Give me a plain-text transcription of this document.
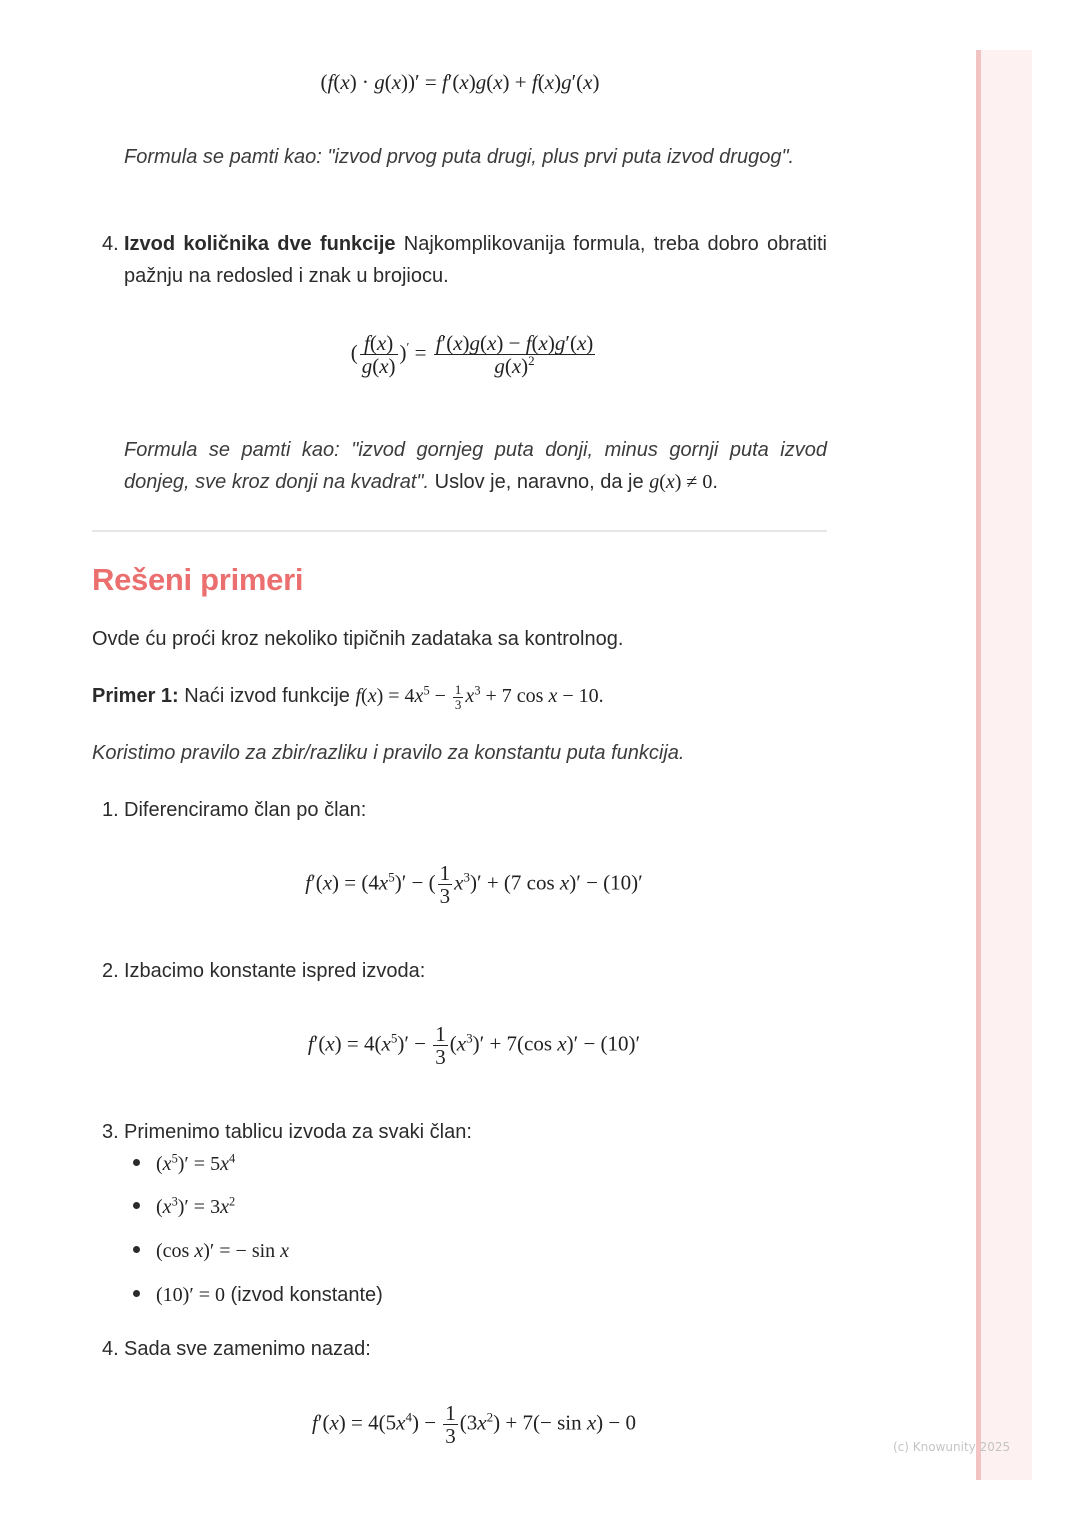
(f(x) · g(x))′ = f′(x)g(x) + f(x)g′(x)
Formula se pamti kao: "izvod prvog puta drugi, plus prvi puta izvod drugog".
4. Izvod količnika dve funkcije Najkomplikovanija formula, treba dobro obratiti pažnju na redosled i znak u brojiocu.
( $\frac{f(x)}{g(x)} )' = \frac{f'(x)g(x) - f(x)g'(x)}{g(x)^2}$
Formula se pamti kao: "izvod gornjeg puta donji, minus gornji puta izvod
donjeg, sve kroz donji na kvadrat". Uslov je, naravno, da je g(x) ≠ 0.
Rešeni primeri
Ovde ću proći kroz nekoliko tipičnih zadataka sa kontrolnog.
Primer 1: Naći izvod funkcije $f(x) = 4x^5 - \frac{1}{3} x^3 + 7$ cos x − 10.
Koristimo pravilo za zbir/razliku i pravilo za konstantu puta funkcija.
1. Diferenciramo član po član:
$f'(x) = (4x^5)'$ − ( $\frac{1}{3} x^3)' + (7$ cos x)′ − (10)′
2. Izbacimo konstante ispred izvoda:
$f'(x) = 4(x^5)' - \frac{1}{3} (x^3)' + 7(\cos$ x)′ − (10)′
3. Primenimo tablicu izvoda za svaki član:
$(x^5)' = 5x^4$
$(x^3)' = 3x^2$
(cos x)′ = − sin x
(10)′ = 0 (izvod konstante)
4. Sada sve zamenimo nazad:
$f'(x) = 4(5x^4) - \frac{1}{3} (3x^2) + 7(- \sin x) - 0$
(c) Knowunity 2025
